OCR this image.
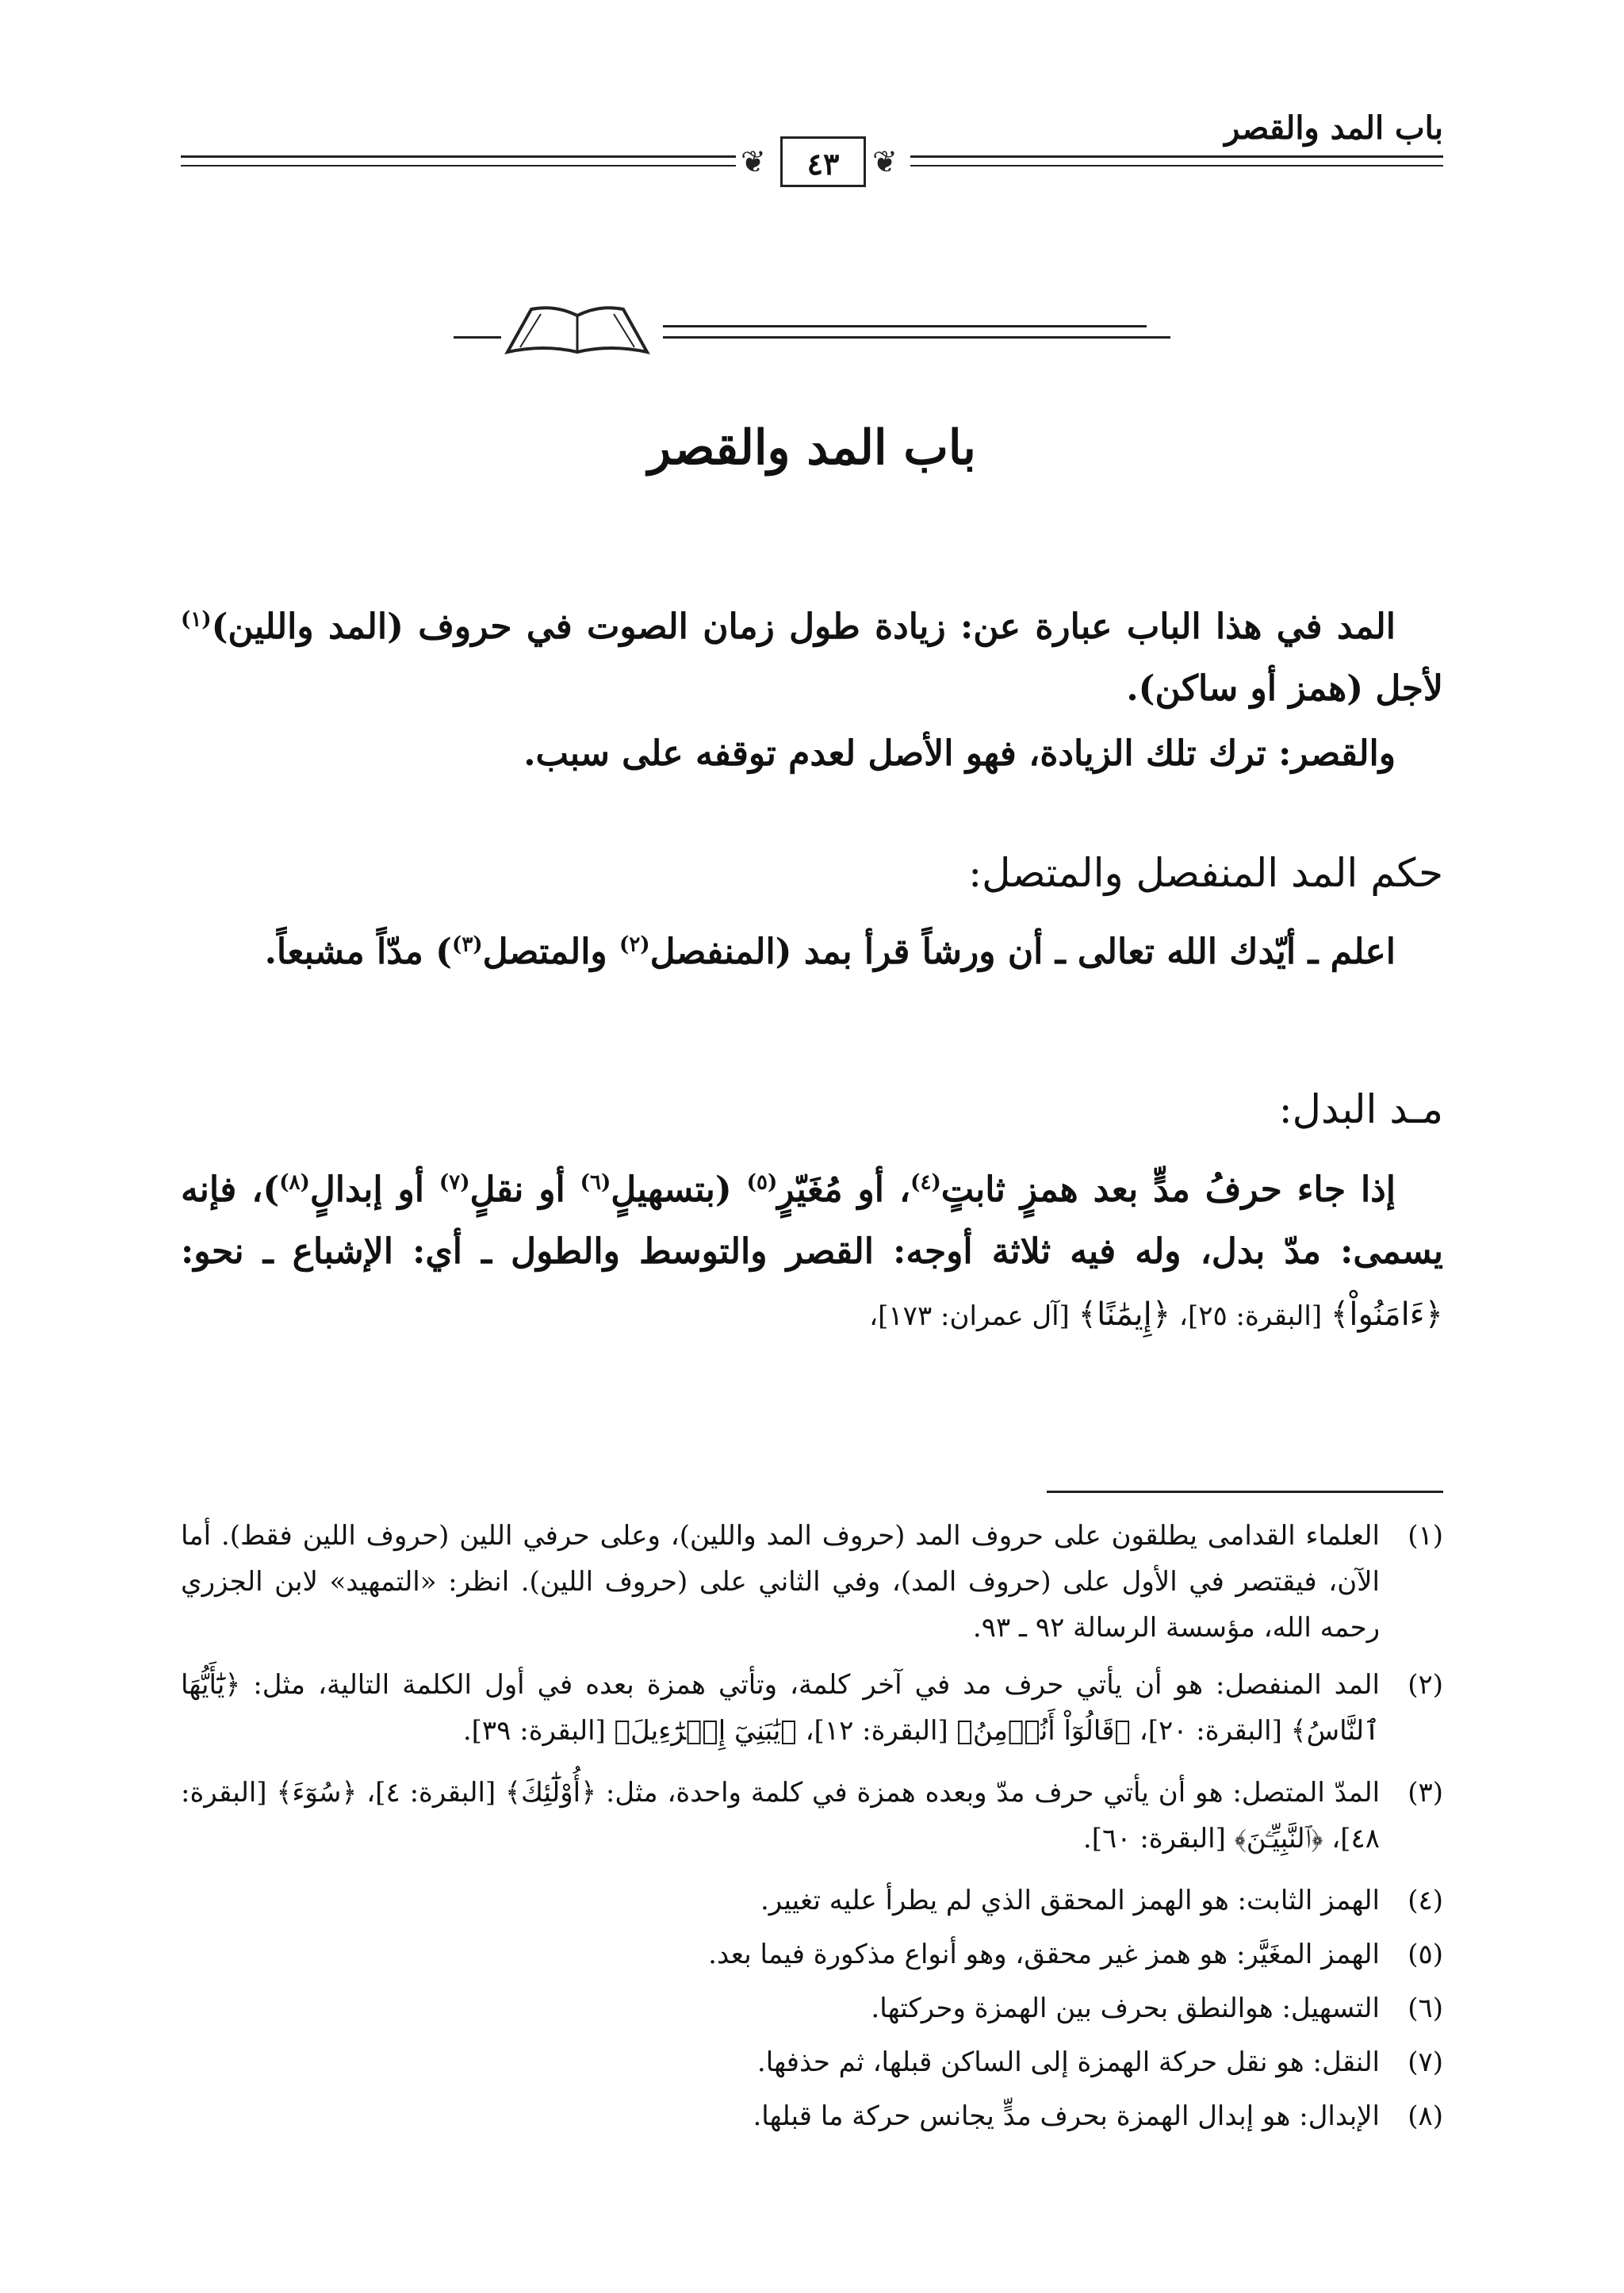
باب المد والقصر
❦	❦
٤٣
باب المد والقصر
المد في هذا الباب عبارة عن: زيادة طول زمان الصوت في حروف (المد واللين)$^{(١)}$ لأجل (همز أو ساكن).
والقصر: ترك تلك الزيادة، فهو الأصل لعدم توقفه على سبب.
حكم المد المنفصل والمتصل:
اعلم ـ أيّدك الله تعالى ـ أن ورشاً قرأ بمد (المنفصل$^{(٢)}$ والمتصل$^{(٣)}$) مدّاً مشبعاً.
مـد البدل:
إذا جاء حرفُ مدٍّ بعد همزٍ ثابتٍ$^{(٤)}$، أو مُغَيّرٍ$^{(٥)}$ (بتسهيلٍ$^{(٦)}$ أو نقلٍ$^{(٧)}$ أو إبدالٍ$^{(٨)}$)، فإنه يسمى: مدّ بدل، وله فيه ثلاثة أوجه: القصر والتوسط والطول ـ أي: الإشباع ـ نحو: ﴿ءَامَنُواْ﴾ [البقرة: ٢٥]، ﴿إِيمَٰنًا﴾ [آل عمران: ١٧٣]،
(١)
العلماء القدامى يطلقون على حروف المد (حروف المد واللين)، وعلى حرفي اللين (حروف اللين فقط). أما الآن، فيقتصر في الأول على (حروف المد)، وفي الثاني على (حروف اللين). انظر: «التمهيد» لابن الجزري رحمه الله، مؤسسة الرسالة ٩٢ ـ ٩٣.
(٢)
المد المنفصل: هو أن يأتي حرف مد في آخر كلمة، وتأتي همزة بعده في أول الكلمة التالية، مثل: ﴿يَٰٓأَيُّهَا ٱلنَّاسُ﴾ [البقرة: ٢٠]، ﴿قَالُوٓاْ أَنُؤۡمِنُ﴾ [البقرة: ١٢]، ﴿يَٰبَنِيٓ إِسۡرَٰٓءِيلَ﴾ [البقرة: ٣٩].
(٣)
المدّ المتصل: هو أن يأتي حرف مدّ وبعده همزة في كلمة واحدة، مثل: ﴿أُوْلَٰٓئِكَ﴾ [البقرة: ٤]، ﴿سُوٓءَ﴾ [البقرة: ٤٨]، ﴿ٱلنَّبِيِّـۧنَ﴾ [البقرة: ٦٠].
(٤)
الهمز الثابت: هو الهمز المحقق الذي لم يطرأ عليه تغيير.
(٥)
الهمز المغَيَّر: هو همز غير محقق، وهو أنواع مذكورة فيما بعد.
(٦)
التسهيل: هوالنطق بحرف بين الهمزة وحركتها.
(٧)
النقل: هو نقل حركة الهمزة إلى الساكن قبلها، ثم حذفها.
(٨)
الإبدال: هو إبدال الهمزة بحرف مدٍّ يجانس حركة ما قبلها.
